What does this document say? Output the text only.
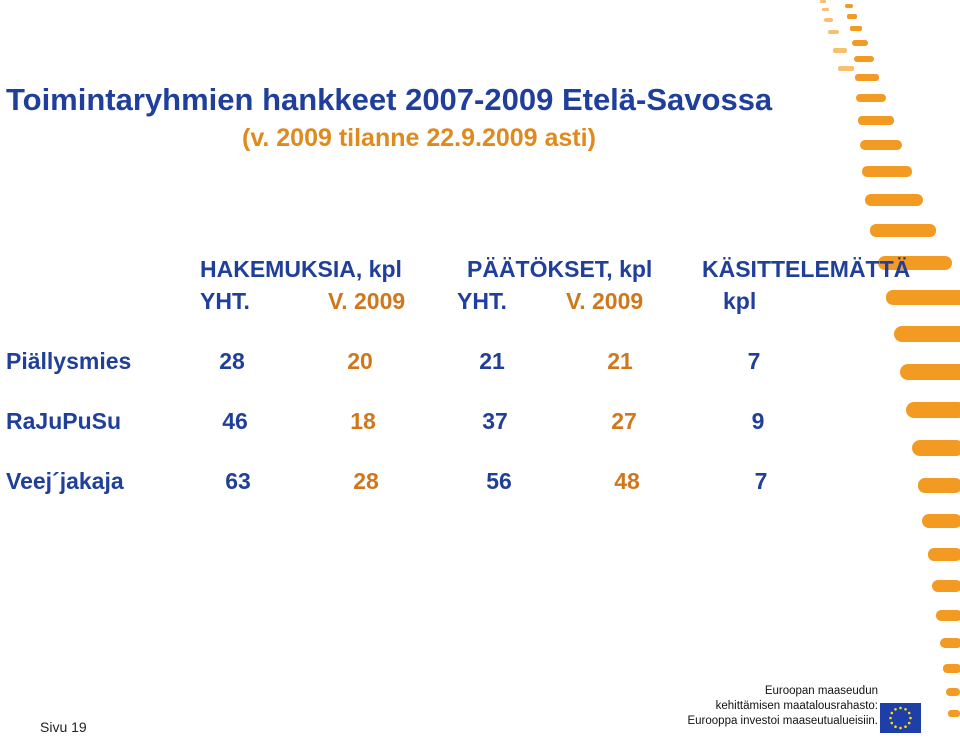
Toimintaryhmien hankkeet 2007-2009 Etelä-Savossa
(v. 2009 tilanne 22.9.2009 asti)
HAKEMUKSIA, kpl
YHT.	V. 2009
PÄÄTÖKSET, kpl
YHT.	V. 2009
KÄSITTELEMÄTTÄ
kpl
Piällysmies	28	20	21	21	7
RaJuPuSu	46	18	37	27	9
Veej´jakaja	63	28	56	48	7
Sivu 19
Euroopan maaseudun
kehittämisen maatalousrahasto:
Eurooppa investoi maaseutualueisiin.
